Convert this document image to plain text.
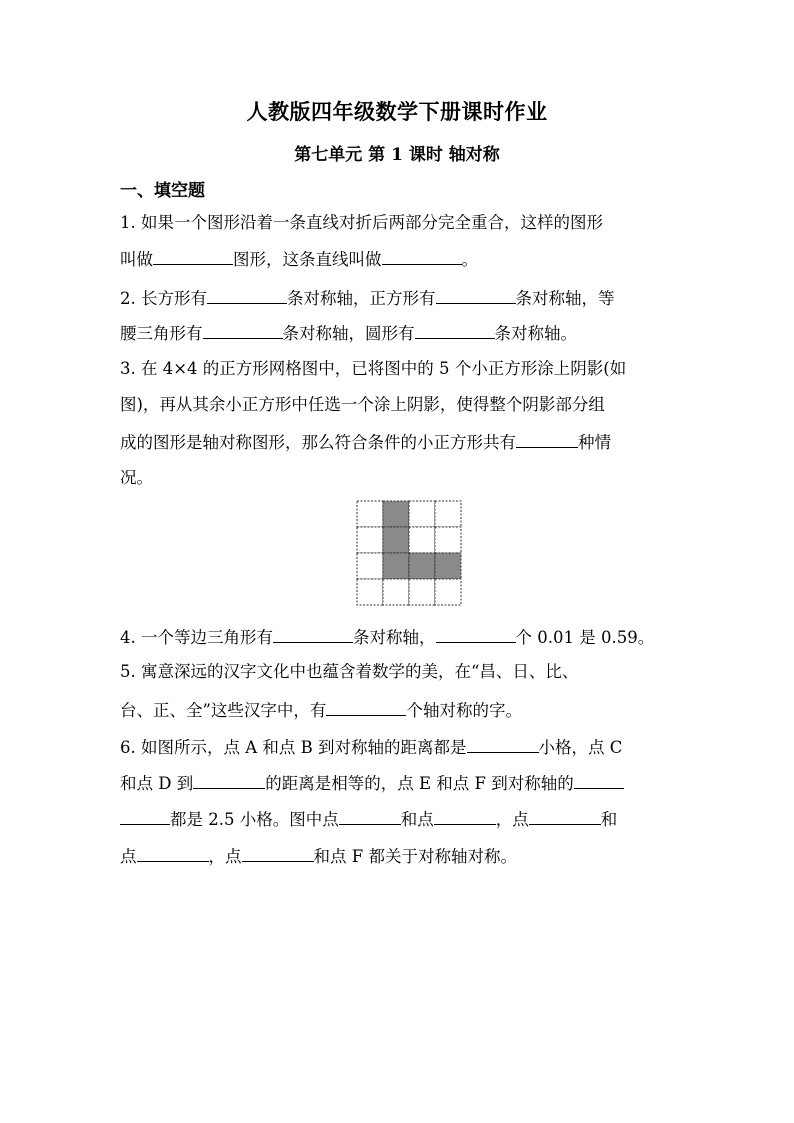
人教版四年级数学下册课时作业
第七单元 第 1 课时 轴对称
一、填空题
1. 如果一个图形沿着一条直线对折后两部分完全重合，这样的图形
叫做	图形，这条直线叫做	。
2. 长方形有	条对称轴，正方形有	条对称轴，等
腰三角形有	条对称轴，圆形有	条对称轴。
3. 在 4×4 的正方形网格图中，已将图中的 5 个小正方形涂上阴影(如
图)，再从其余小正方形中任选一个涂上阴影，使得整个阴影部分组
成的图形是轴对称图形，那么符合条件的小正方形共有	种情
况。
4. 一个等边三角形有	条对称轴，	个 0.01 是 0.59。
5. 寓意深远的汉字文化中也蕴含着数学的美，在“昌、日、比、
台、正、全”这些汉字中，有	个轴对称的字。
6. 如图所示，点 A 和点 B 到对称轴的距离都是	小格，点 C
和点 D 到	的距离是相等的，点 E 和点 F 到对称轴的
都是 2.5 小格。图中点	和点	，点	和
点	，点	和点 F 都关于对称轴对称。
